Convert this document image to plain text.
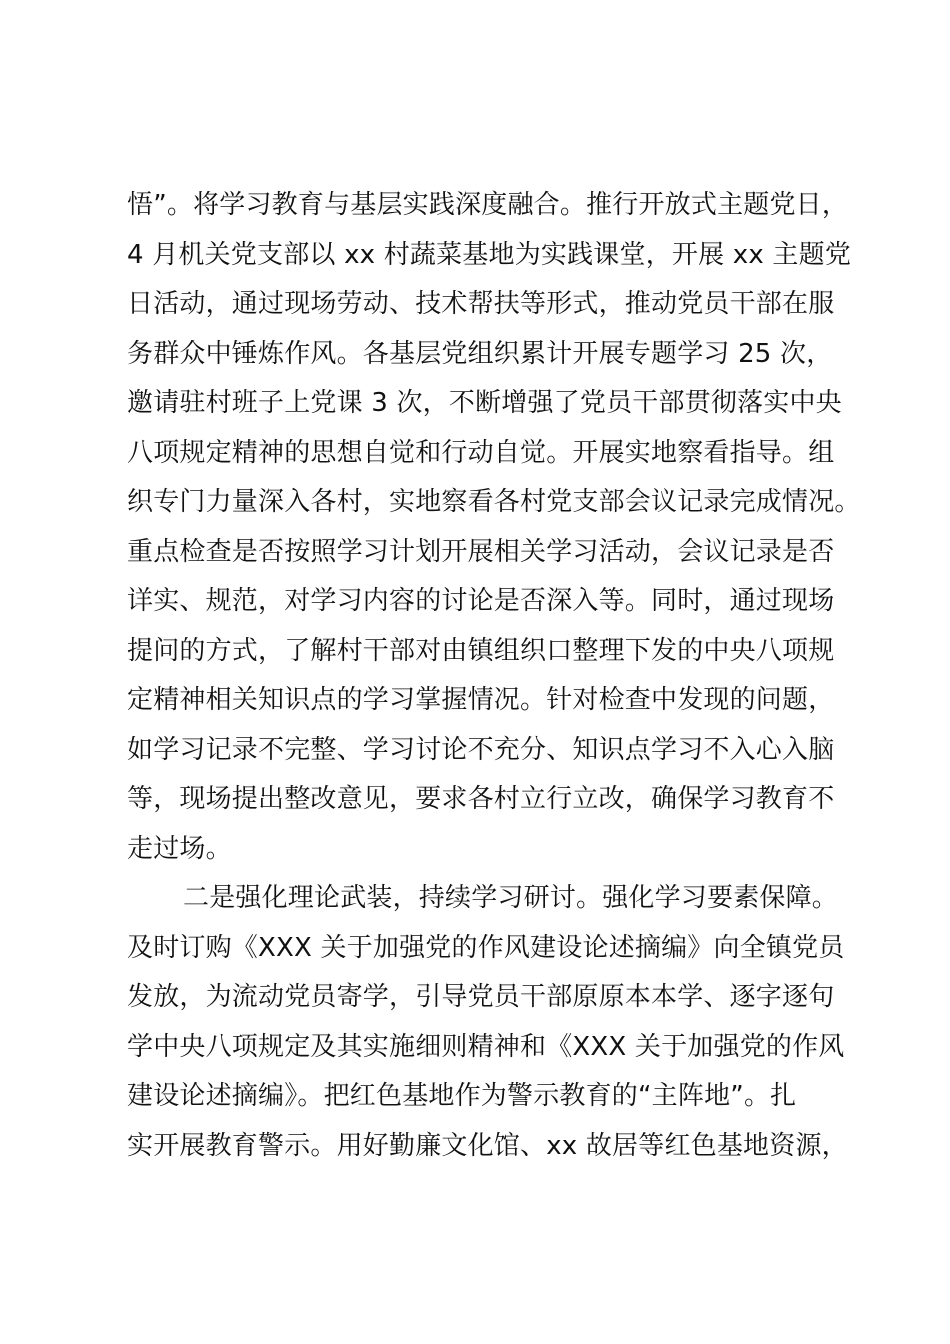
悟”。将学习教育与基层实践深度融合。推行开放式主题党日，
4 月机关党支部以 xx 村蔬菜基地为实践课堂，开展 xx 主题党
日活动，通过现场劳动、技术帮扶等形式，推动党员干部在服
务群众中锤炼作风。各基层党组织累计开展专题学习 25 次，
邀请驻村班子上党课 3 次，不断增强了党员干部贯彻落实中央
八项规定精神的思想自觉和行动自觉。开展实地察看指导。组
织专门力量深入各村，实地察看各村党支部会议记录完成情况。
重点检查是否按照学习计划开展相关学习活动，会议记录是否
详实、规范，对学习内容的讨论是否深入等。同时，通过现场
提问的方式，了解村干部对由镇组织口整理下发的中央八项规
定精神相关知识点的学习掌握情况。针对检查中发现的问题，
如学习记录不完整、学习讨论不充分、知识点学习不入心入脑
等，现场提出整改意见，要求各村立行立改，确保学习教育不
走过场。
二是强化理论武装，持续学习研讨。强化学习要素保障。
及时订购《XXX 关于加强党的作风建设论述摘编》向全镇党员
发放，为流动党员寄学，引导党员干部原原本本学、逐字逐句
学中央八项规定及其实施细则精神和《XXX 关于加强党的作风
建设论述摘编》。把红色基地作为警示教育的“主阵地”。扎
实开展教育警示。用好勤廉文化馆、xx 故居等红色基地资源，
